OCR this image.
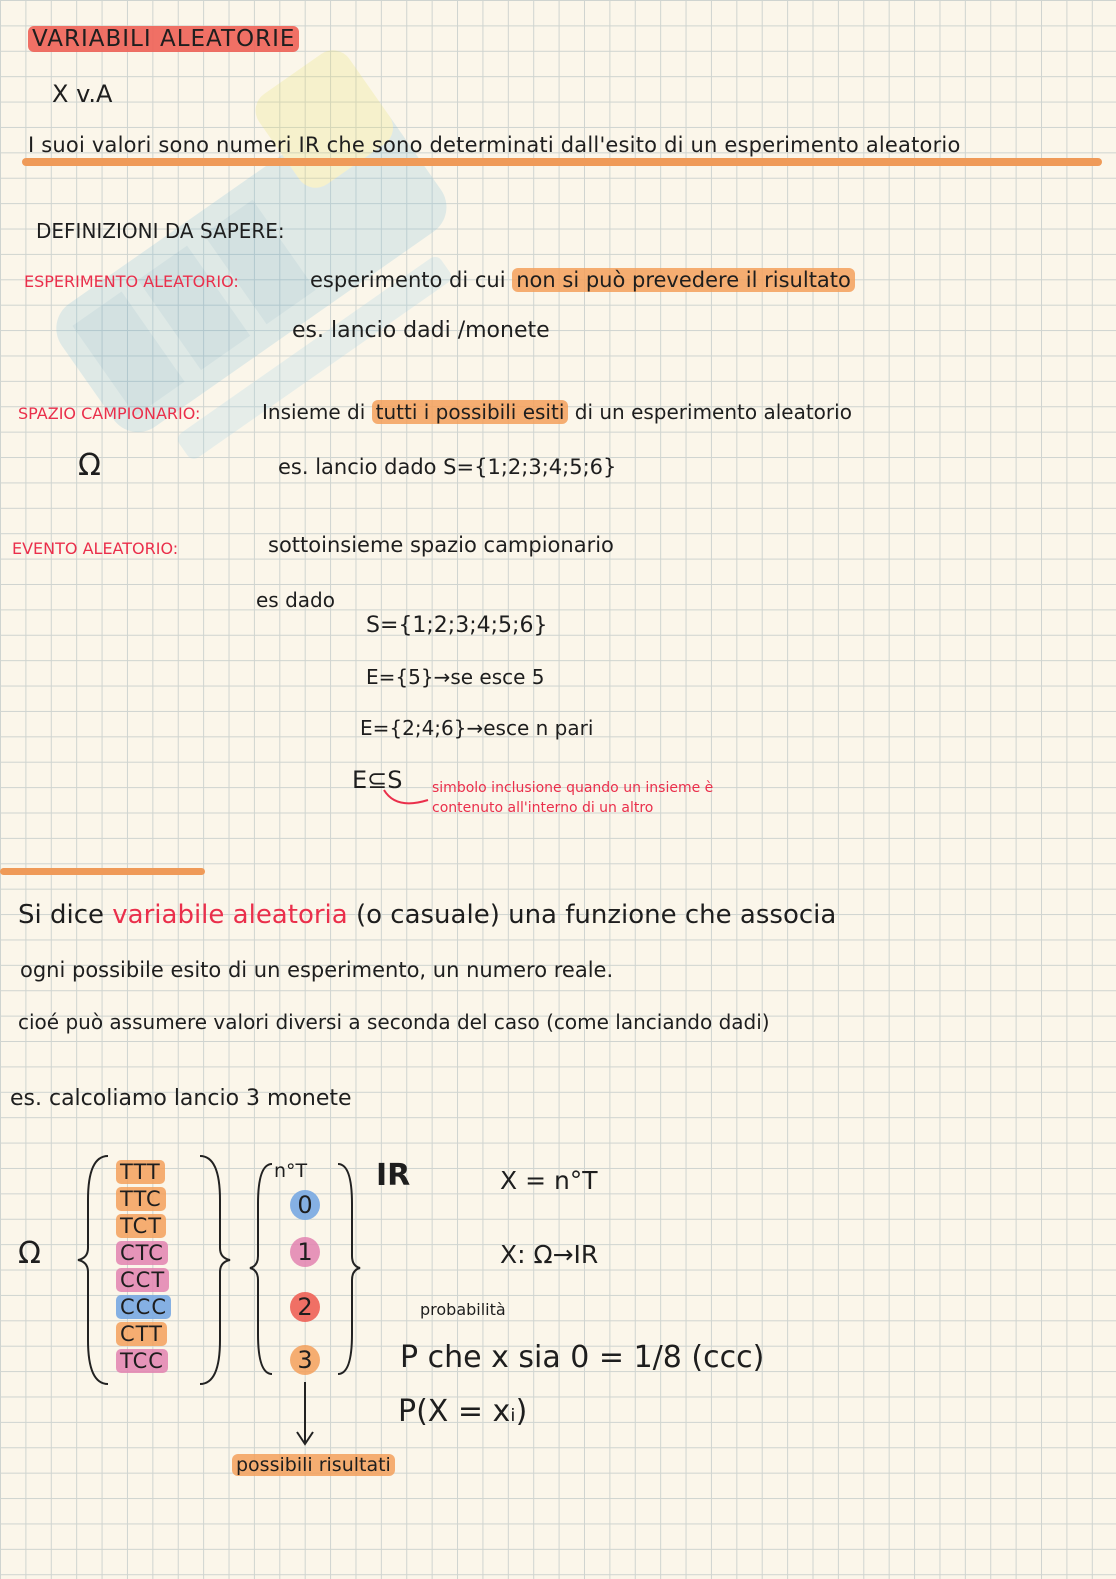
VARIABILI ALEATORIE
X v.A
I suoi valori sono numeri IR che sono determinati dall'esito di un esperimento aleatorio
DEFINIZIONI DA SAPERE:
ESPERIMENTO ALEATORIO:	esperimento di cui non si può prevedere il risultato
es. lancio dadi /monete
SPAZIO CAMPIONARIO:	Insieme di tutti i possibili esiti di un esperimento aleatorio
Ω	es. lancio dado S={1;2;3;4;5;6}
EVENTO ALEATORIO:	sottoinsieme spazio campionario
es dado
S={1;2;3;4;5;6}
E={5}→se esce 5
E={2;4;6}→esce n pari
E⊆S simbolo inclusione quando un insieme è
contenuto all'interno di un altro
Si dice variabile aleatoria (o casuale) una funzione che associa
ogni possibile esito di un esperimento, un numero reale.
cioé può assumere valori diversi a seconda del caso (come lanciando dadi)
es. calcoliamo lancio 3 monete
Ω
TTT
TTC
TCT
CTC
CCT
CCC
CTT
TCC
n°T
0
1
2
3
IR	X = n°T
X: Ω→IR
probabilità
P che x sia 0 = 1/8 (ccc)
P(X = xᵢ)
possibili risultati
